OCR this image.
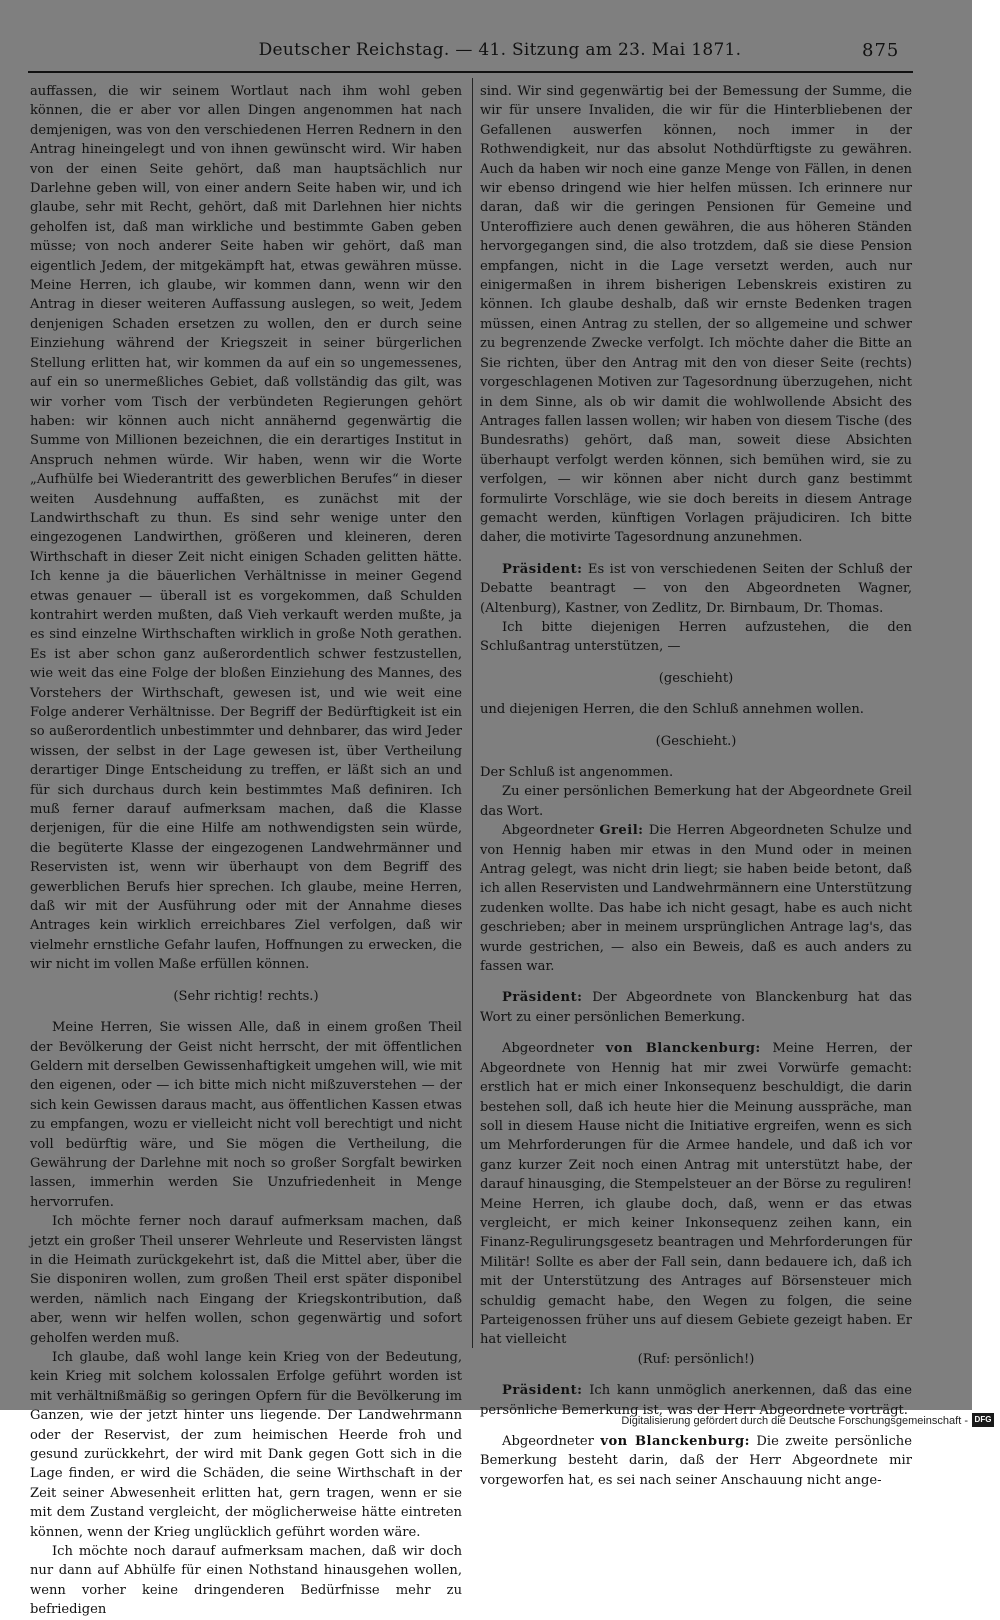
Deutscher Reichstag. — 41. Sitzung am 23. Mai 1871.	875

auffassen, die wir seinem Wortlaut nach ihm wohl geben können, die er aber vor allen Dingen angenommen hat nach demjenigen, was von den verschiedenen Herren Rednern in den Antrag hineingelegt und von ihnen gewünscht wird. Wir haben von der einen Seite gehört, daß man hauptsächlich nur Darlehne geben will, von einer andern Seite haben wir, und ich glaube, sehr mit Recht, gehört, daß mit Darlehnen hier nichts geholfen ist, daß man wirkliche und bestimmte Gaben geben müsse; von noch anderer Seite haben wir gehört, daß man eigentlich Jedem, der mitgekämpft hat, etwas gewähren müsse. Meine Herren, ich glaube, wir kommen dann, wenn wir den Antrag in dieser weiteren Auffassung auslegen, so weit, Jedem denjenigen Schaden ersetzen zu wollen, den er durch seine Einziehung während der Kriegszeit in seiner bürgerlichen Stellung erlitten hat, wir kommen da auf ein so ungemessenes, auf ein so unermeßliches Gebiet, daß vollständig das gilt, was wir vorher vom Tisch der verbündeten Regierungen gehört haben: wir können auch nicht annähernd gegenwärtig die Summe von Millionen bezeichnen, die ein derartiges Institut in Anspruch nehmen würde. Wir haben, wenn wir die Worte „Aufhülfe bei Wiederantritt des gewerblichen Berufes“ in dieser weiten Ausdehnung auffaßten, es zunächst mit der Landwirthschaft zu thun. Es sind sehr wenige unter den eingezogenen Landwirthen, größeren und kleineren, deren Wirthschaft in dieser Zeit nicht einigen Schaden gelitten hätte. Ich kenne ja die bäuerlichen Verhältnisse in meiner Gegend etwas genauer — überall ist es vorgekommen, daß Schulden kontrahirt werden mußten, daß Vieh verkauft werden mußte, ja es sind einzelne Wirthschaften wirklich in große Noth gerathen. Es ist aber schon ganz außerordentlich schwer festzustellen, wie weit das eine Folge der bloßen Einziehung des Mannes, des Vorstehers der Wirthschaft, gewesen ist, und wie weit eine Folge anderer Verhältnisse. Der Begriff der Bedürftigkeit ist ein so außerordentlich unbestimmter und dehnbarer, das wird Jeder wissen, der selbst in der Lage gewesen ist, über Vertheilung derartiger Dinge Entscheidung zu treffen, er läßt sich an und für sich durchaus durch kein bestimmtes Maß definiren. Ich muß ferner darauf aufmerksam machen, daß die Klasse derjenigen, für die eine Hilfe am nothwendigsten sein würde, die begüterte Klasse der eingezogenen Landwehrmänner und Reservisten ist, wenn wir überhaupt von dem Begriff des gewerblichen Berufs hier sprechen. Ich glaube, meine Herren, daß wir mit der Ausführung oder mit der Annahme dieses Antrages kein wirklich erreichbares Ziel verfolgen, daß wir vielmehr ernstliche Gefahr laufen, Hoffnungen zu erwecken, die wir nicht im vollen Maße erfüllen können.

(Sehr richtig! rechts.)

Meine Herren, Sie wissen Alle, daß in einem großen Theil der Bevölkerung der Geist nicht herrscht, der mit öffentlichen Geldern mit derselben Gewissenhaftigkeit umgehen will, wie mit den eigenen, oder — ich bitte mich nicht mißzuverstehen — der sich kein Gewissen daraus macht, aus öffentlichen Kassen etwas zu empfangen, wozu er vielleicht nicht voll berechtigt und nicht voll bedürftig wäre, und Sie mögen die Vertheilung, die Gewährung der Darlehne mit noch so großer Sorgfalt bewirken lassen, immerhin werden Sie Unzufriedenheit in Menge hervorrufen.

Ich möchte ferner noch darauf aufmerksam machen, daß jetzt ein großer Theil unserer Wehrleute und Reservisten längst in die Heimath zurückgekehrt ist, daß die Mittel aber, über die Sie disponiren wollen, zum großen Theil erst später disponibel werden, nämlich nach Eingang der Kriegskontribution, daß aber, wenn wir helfen wollen, schon gegenwärtig und sofort geholfen werden muß.

Ich glaube, daß wohl lange kein Krieg von der Bedeutung, kein Krieg mit solchem kolossalen Erfolge geführt worden ist mit verhältnißmäßig so geringen Opfern für die Bevölkerung im Ganzen, wie der jetzt hinter uns liegende. Der Landwehrmann oder der Reservist, der zum heimischen Heerde froh und gesund zurückkehrt, der wird mit Dank gegen Gott sich in die Lage finden, er wird die Schäden, die seine Wirthschaft in der Zeit seiner Abwesenheit erlitten hat, gern tragen, wenn er sie mit dem Zustand vergleicht, der möglicherweise hätte eintreten können, wenn der Krieg unglücklich geführt worden wäre.

Ich möchte noch darauf aufmerksam machen, daß wir doch nur dann auf Abhülfe für einen Nothstand hinausgehen wollen, wenn vorher keine dringenderen Bedürfnisse mehr zu befriedigen

sind. Wir sind gegenwärtig bei der Bemessung der Summe, die wir für unsere Invaliden, die wir für die Hinterbliebenen der Gefallenen auswerfen können, noch immer in der Rothwendigkeit, nur das absolut Nothdürftigste zu gewähren. Auch da haben wir noch eine ganze Menge von Fällen, in denen wir ebenso dringend wie hier helfen müssen. Ich erinnere nur daran, daß wir die geringen Pensionen für Gemeine und Unteroffiziere auch denen gewähren, die aus höheren Ständen hervorgegangen sind, die also trotzdem, daß sie diese Pension empfangen, nicht in die Lage versetzt werden, auch nur einigermaßen in ihrem bisherigen Lebenskreis existiren zu können. Ich glaube deshalb, daß wir ernste Bedenken tragen müssen, einen Antrag zu stellen, der so allgemeine und schwer zu begrenzende Zwecke verfolgt. Ich möchte daher die Bitte an Sie richten, über den Antrag mit den von dieser Seite (rechts) vorgeschlagenen Motiven zur Tagesordnung überzugehen, nicht in dem Sinne, als ob wir damit die wohlwollende Absicht des Antrages fallen lassen wollen; wir haben von diesem Tische (des Bundesraths) gehört, daß man, soweit diese Absichten überhaupt verfolgt werden können, sich bemühen wird, sie zu verfolgen, — wir können aber nicht durch ganz bestimmt formulirte Vorschläge, wie sie doch bereits in diesem Antrage gemacht werden, künftigen Vorlagen präjudiciren. Ich bitte daher, die motivirte Tagesordnung anzunehmen.

Präsident: Es ist von verschiedenen Seiten der Schluß der Debatte beantragt — von den Abgeordneten Wagner, (Altenburg), Kastner, von Zedlitz, Dr. Birnbaum, Dr. Thomas.

Ich bitte diejenigen Herren aufzustehen, die den Schlußantrag unterstützen, —

(geschieht)

und diejenigen Herren, die den Schluß annehmen wollen.

(Geschieht.)

Der Schluß ist angenommen.

Zu einer persönlichen Bemerkung hat der Abgeordnete Greil das Wort.

Abgeordneter Greil: Die Herren Abgeordneten Schulze und von Hennig haben mir etwas in den Mund oder in meinen Antrag gelegt, was nicht drin liegt; sie haben beide betont, daß ich allen Reservisten und Landwehrmännern eine Unterstützung zudenken wollte. Das habe ich nicht gesagt, habe es auch nicht geschrieben; aber in meinem ursprünglichen Antrage lag's, das wurde gestrichen, — also ein Beweis, daß es auch anders zu fassen war.

Präsident: Der Abgeordnete von Blanckenburg hat das Wort zu einer persönlichen Bemerkung.

Abgeordneter von Blanckenburg: Meine Herren, der Abgeordnete von Hennig hat mir zwei Vorwürfe gemacht: erstlich hat er mich einer Inkonsequenz beschuldigt, die darin bestehen soll, daß ich heute hier die Meinung ausspräche, man soll in diesem Hause nicht die Initiative ergreifen, wenn es sich um Mehrforderungen für die Armee handele, und daß ich vor ganz kurzer Zeit noch einen Antrag mit unterstützt habe, der darauf hinausging, die Stempelsteuer an der Börse zu reguliren! Meine Herren, ich glaube doch, daß, wenn er das etwas vergleicht, er mich keiner Inkonsequenz zeihen kann, ein Finanz-Regulirungsgesetz beantragen und Mehrforderungen für Militär! Sollte es aber der Fall sein, dann bedauere ich, daß ich mit der Unterstützung des Antrages auf Börsensteuer mich schuldig gemacht habe, den Wegen zu folgen, die seine Parteigenossen früher uns auf diesem Gebiete gezeigt haben. Er hat vielleicht

(Ruf: persönlich!)

Präsident: Ich kann unmöglich anerkennen, daß das eine persönliche Bemerkung ist, was der Herr Abgeordnete vorträgt.

Abgeordneter von Blanckenburg: Die zweite persönliche Bemerkung besteht darin, daß der Herr Abgeordnete mir vorgeworfen hat, es sei nach seiner Anschauung nicht ange-

Digitalisierung gefördert durch die Deutsche Forschungsgemeinschaft - DFG
